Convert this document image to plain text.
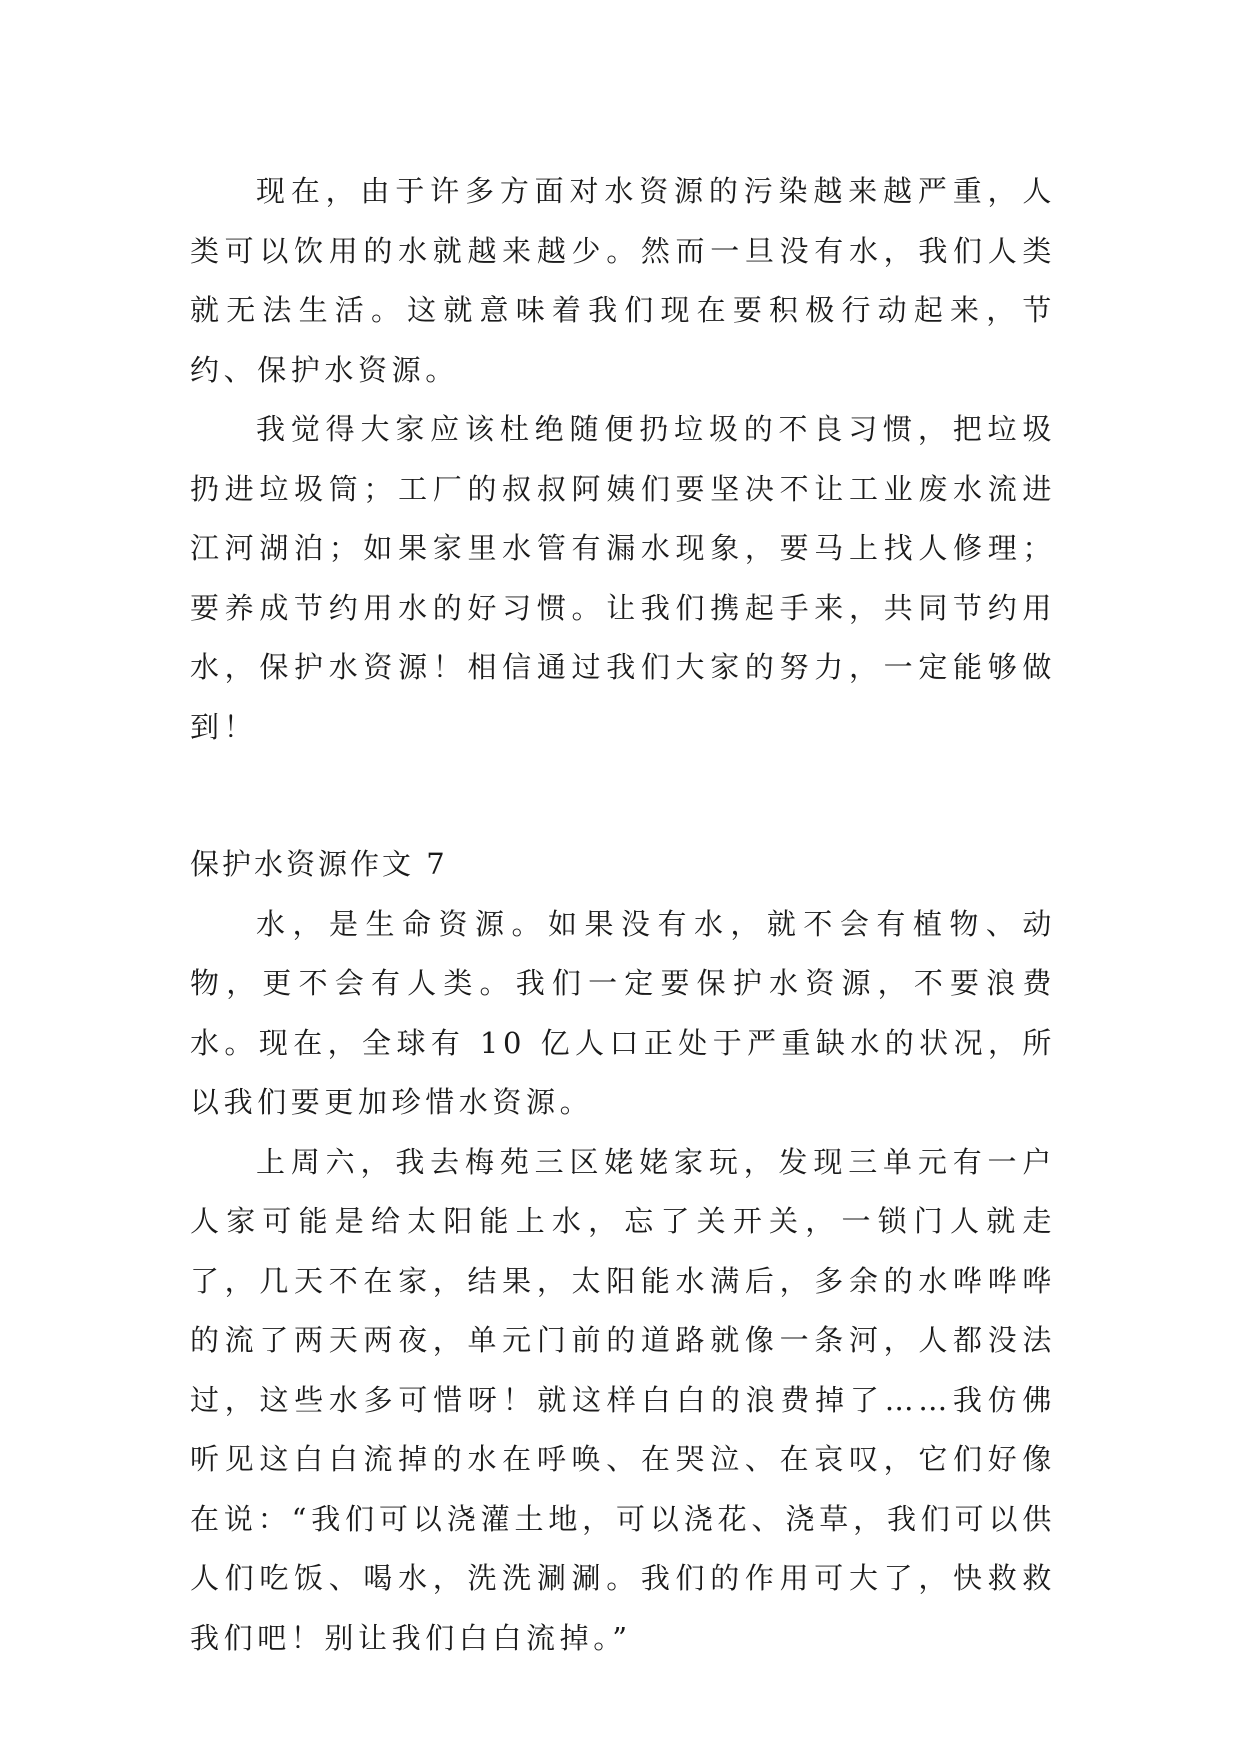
现在，由于许多方面对水资源的污染越来越严重，人类可以饮用的水就越来越少。然而一旦没有水，我们人类就无法生活。这就意味着我们现在要积极行动起来，节约、保护水资源。

我觉得大家应该杜绝随便扔垃圾的不良习惯，把垃圾扔进垃圾筒；工厂的叔叔阿姨们要坚决不让工业废水流进江河湖泊；如果家里水管有漏水现象，要马上找人修理；要养成节约用水的好习惯。让我们携起手来，共同节约用水，保护水资源！相信通过我们大家的努力，一定能够做到！

保护水资源作文 7

水，是生命资源。如果没有水，就不会有植物、动物，更不会有人类。我们一定要保护水资源，不要浪费水。现在，全球有 10 亿人口正处于严重缺水的状况，所以我们要更加珍惜水资源。

上周六，我去梅苑三区姥姥家玩，发现三单元有一户人家可能是给太阳能上水，忘了关开关，一锁门人就走了，几天不在家，结果，太阳能水满后，多余的水哗哗哗的流了两天两夜，单元门前的道路就像一条河，人都没法过，这些水多可惜呀！就这样白白的浪费掉了……我仿佛听见这白白流掉的水在呼唤、在哭泣、在哀叹，它们好像在说：“我们可以浇灌土地，可以浇花、浇草，我们可以供人们吃饭、喝水，洗洗涮涮。我们的作用可大了，快救救我们吧！别让我们白白流掉。”
